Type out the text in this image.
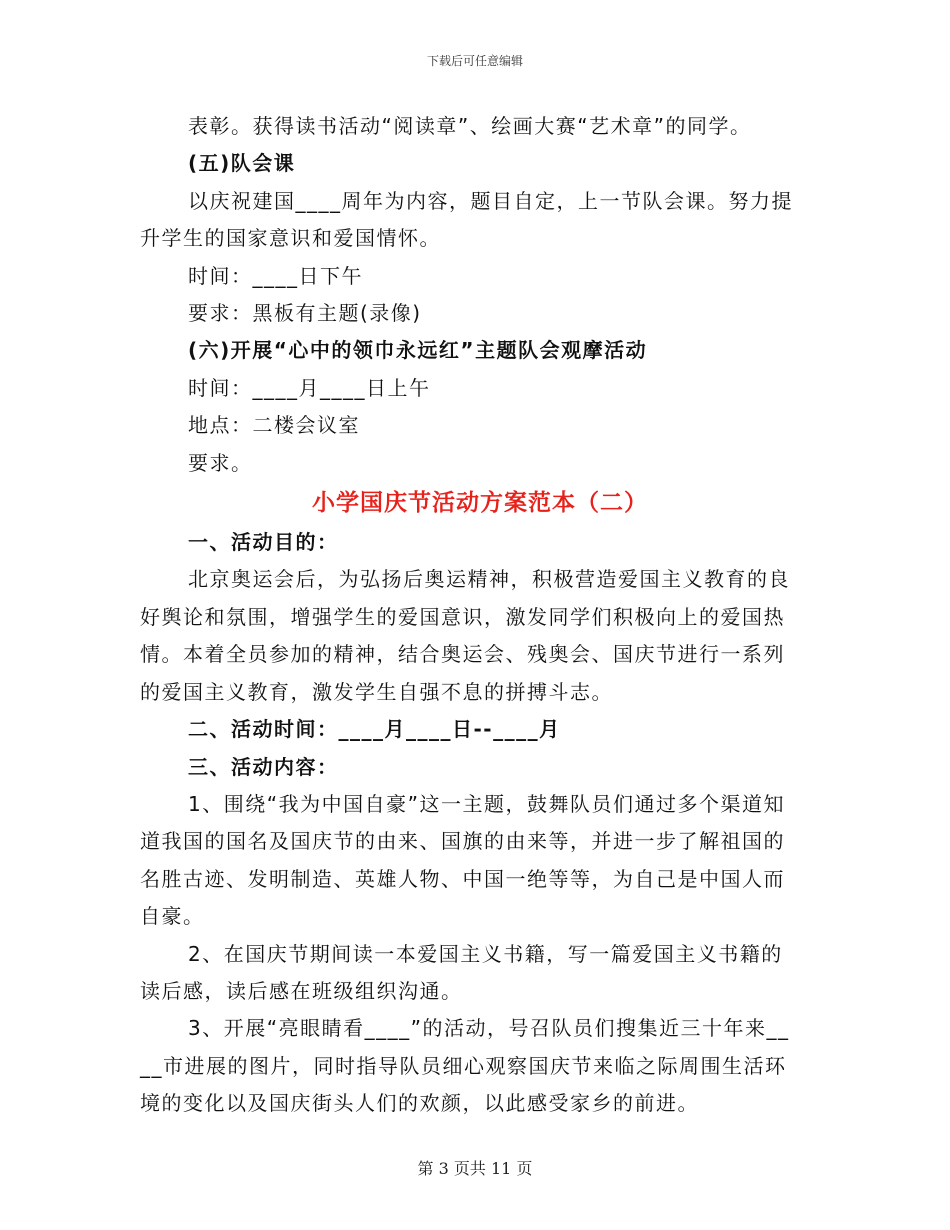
下载后可任意编辑

表彰。获得读书活动“阅读章”、绘画大赛“艺术章”的同学。

(五)队会课

以庆祝建国____周年为内容，题目自定，上一节队会课。努力提升学生的国家意识和爱国情怀。

时间：____日下午

要求：黑板有主题(录像)

(六)开展“心中的领巾永远红”主题队会观摩活动

时间：____月____日上午

地点：二楼会议室

要求。

小学国庆节活动方案范本（二）

一、活动目的：

北京奥运会后，为弘扬后奥运精神，积极营造爱国主义教育的良好舆论和氛围，增强学生的爱国意识，激发同学们积极向上的爱国热情。本着全员参加的精神，结合奥运会、残奥会、国庆节进行一系列的爱国主义教育，激发学生自强不息的拼搏斗志。

二、活动时间：____月____日--____月

三、活动内容：

1、围绕“我为中国自豪”这一主题，鼓舞队员们通过多个渠道知道我国的国名及国庆节的由来、国旗的由来等，并进一步了解祖国的名胜古迹、发明制造、英雄人物、中国一绝等等，为自己是中国人而自豪。

2、在国庆节期间读一本爱国主义书籍，写一篇爱国主义书籍的读后感，读后感在班级组织沟通。

3、开展“亮眼睛看____”的活动，号召队员们搜集近三十年来____市进展的图片，同时指导队员细心观察国庆节来临之际周围生活环境的变化以及国庆街头人们的欢颜，以此感受家乡的前进。

第 3 页共 11 页
